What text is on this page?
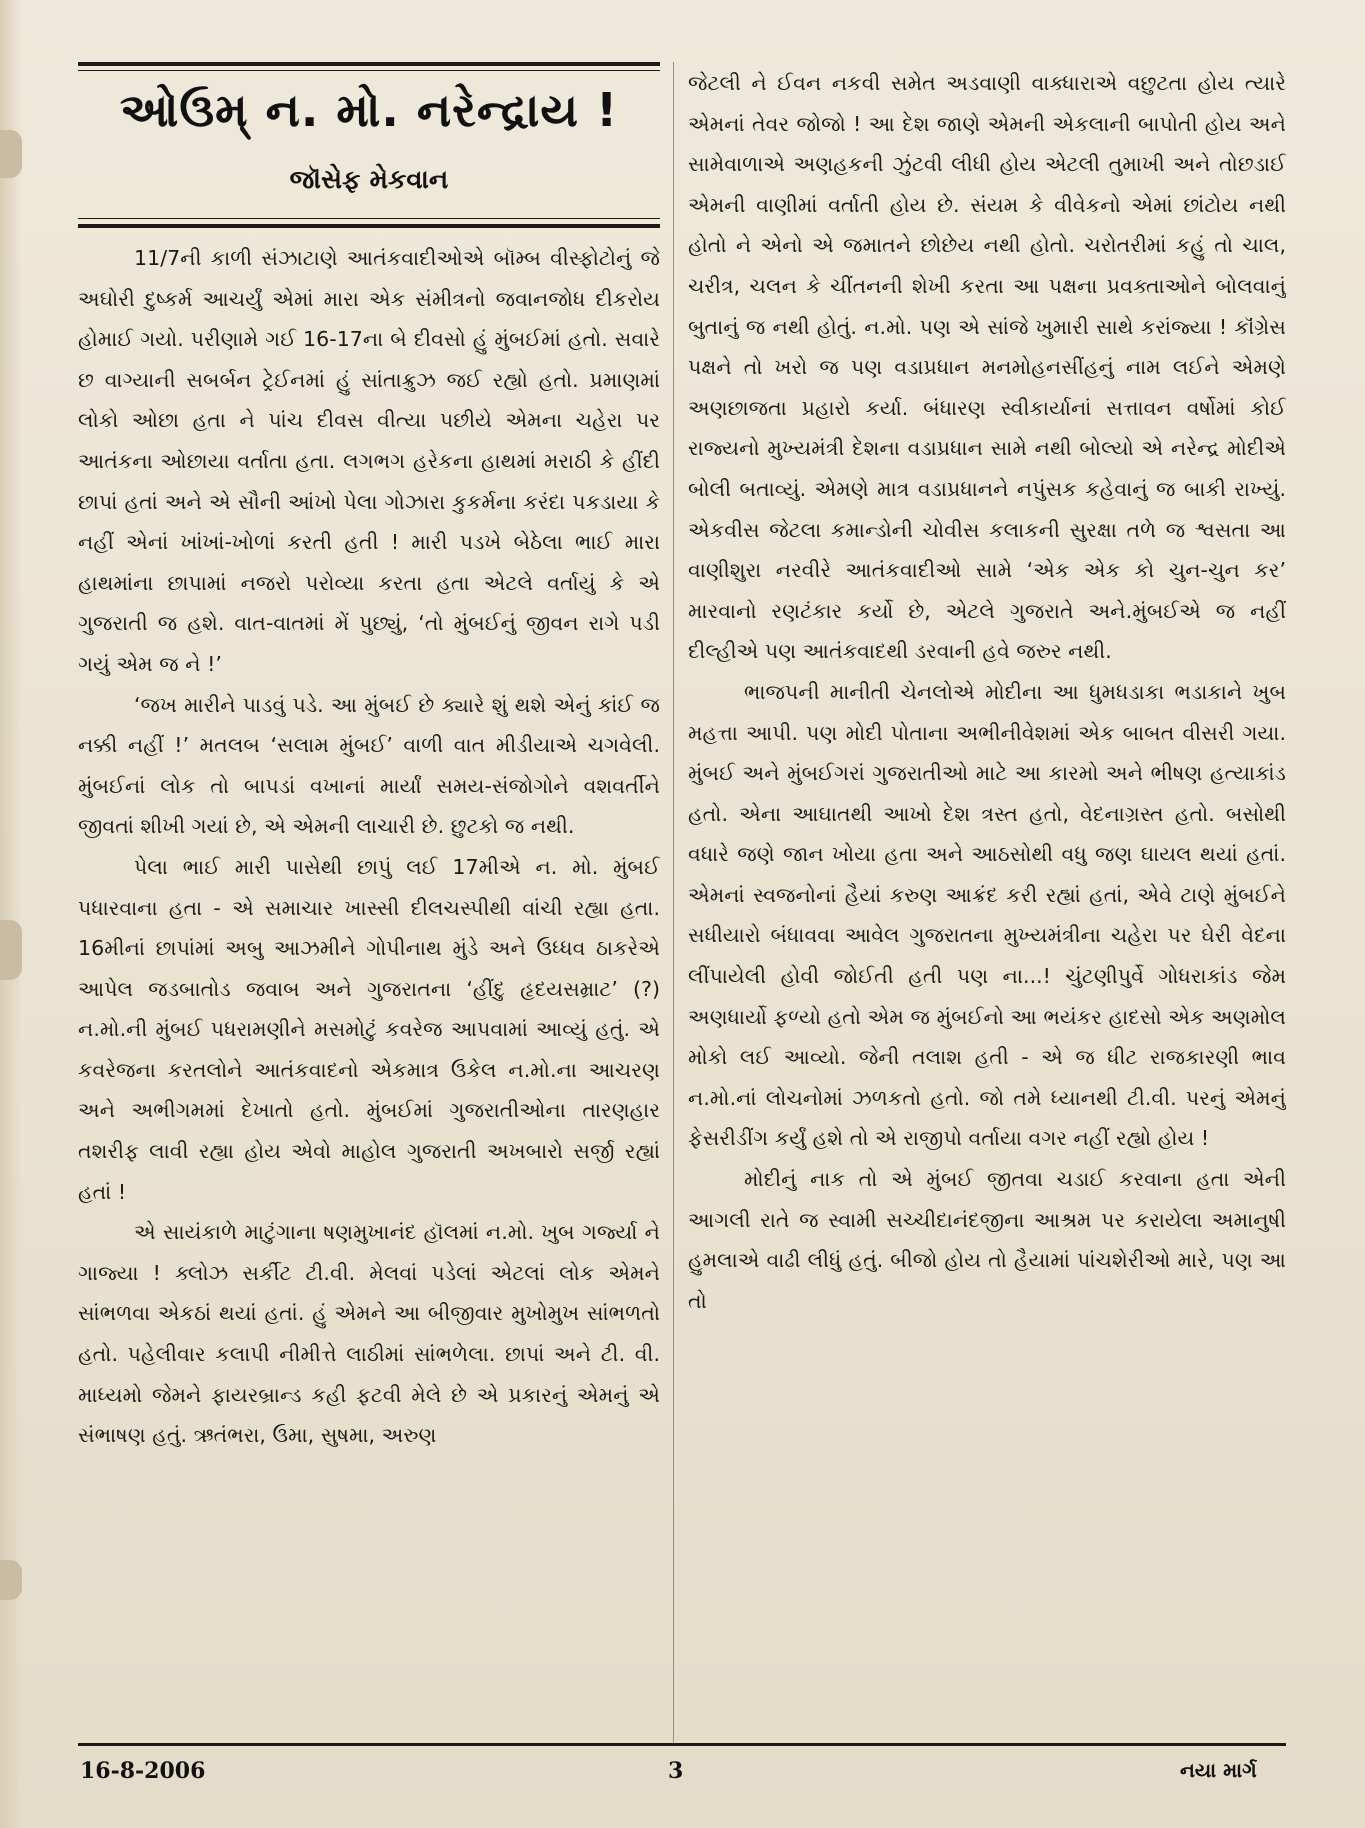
ઓઉમ્ ન. મો. નરેન્દ્રાય !
જૉસેફ મેકવાન

11/7ની કાળી સંઝાટાણે આતંકવાદીઓએ બૉમ્બ વીસ્ફોટોનું જે અઘોરી દુષ્કર્મ આચર્યું એમાં મારા એક સંમીત્રનો જવાનજોધ દીકરોય હોમાઈ ગયો. પરીણામે ગઈ 16-17ના બે દીવસો હું મુંબઈમાં હતો. સવારે છ વાગ્યાની સબર્બન ટ્રેઈનમાં હું સાંતાક્રુઝ જઈ રહ્યો હતો. પ્રમાણમાં લોકો ઓછા હતા ને પાંચ દીવસ વીત્યા પછીયે એમના ચહેરા પર આતંકના ઓછાયા વર્તાતા હતા. લગભગ હરેકના હાથમાં મરાઠી કે હીંદી છાપાં હતાં અને એ સૌની આંખો પેલા ગોઝારા કુકર્મના કરંદા પકડાયા કે નહીં એનાં ખાંખાં-ખોળાં કરતી હતી ! મારી પડખે બેઠેલા ભાઈ મારા હાથમાંના છાપામાં નજરો પરોવ્યા કરતા હતા એટલે વર્તાયું કે એ ગુજરાતી જ હશે. વાત-વાતમાં મેં પુછ્યું, ‘તો મુંબઈનું જીવન રાગે પડી ગયું એમ જ ને !’

‘જખ મારીને પાડવું પડે. આ મુંબઈ છે ક્યારે શું થશે એનું કાંઈ જ નક્કી નહીં !’ મતલબ ‘સલામ મુંબઈ’ વાળી વાત મીડીયાએ ચગવેલી. મુંબઈનાં લોક તો બાપડાં વખાનાં માર્યાં સમય-સંજોગોને વશવર્તીને જીવતાં શીખી ગયાં છે, એ એમની લાચારી છે. છુટકો જ નથી.

પેલા ભાઈ મારી પાસેથી છાપું લઈ 17મીએ ન. મો. મુંબઈ પધારવાના હતા - એ સમાચાર ખાસ્સી દીલચસ્પીથી વાંચી રહ્યા હતા. 16મીનાં છાપાંમાં અબુ આઝમીને ગોપીનાથ મુંડે અને ઉધ્ધવ ઠાકરેએ આપેલ જડબાતોડ જવાબ અને ગુજરાતના ‘હીંદુ હૃદયસમ્રાટ’ (?) ન.મો.ની મુંબઈ પધરામણીને મસમોટું કવરેજ આપવામાં આવ્યું હતું. એ કવરેજના કરતલોને આતંકવાદનો એકમાત્ર ઉકેલ ન.મો.ના આચરણ અને અભીગમમાં દેખાતો હતો. મુંબઈમાં ગુજરાતીઓના તારણહાર તશરીફ લાવી રહ્યા હોય એવો માહોલ ગુજરાતી અખબારો સર્જી રહ્યાં હતાં !

એ સાયંકાળે માટુંગાના ષણમુખાનંદ હૉલમાં ન.મો. ખુબ ગર્જ્યા ને ગાજ્યા ! ક્લોઝ સર્કીટ ટી.વી. મેલવાં પડેલાં એટલાં લોક એમને સાંભળવા એકઠાં થયાં હતાં. હું એમને આ બીજીવાર મુખોમુખ સાંભળતો હતો. પહેલીવાર કલાપી નીમીત્તે લાઠીમાં સાંભળેલા. છાપાં અને ટી. વી. માધ્યમો જેમને ફાયરબ્રાન્ડ કહી ફટવી મેલે છે એ પ્રકારનું એમનું એ સંભાષણ હતું. ઋતંભરા, ઉમા, સુષમા, અરુણ

જેટલી ને ઈવન નકવી સમેત અડવાણી વાક્ધારાએ વછુટતા હોય ત્યારે એમનાં તેવર જોજો ! આ દેશ જાણે એમની એકલાની બાપોતી હોય અને સામેવાળાએ અણહકની ઝુંટવી લીધી હોય એટલી તુમાખી અને તોછડાઈ એમની વાણીમાં વર્તાતી હોય છે. સંયમ કે વીવેકનો એમાં છાંટોય નથી હોતો ને એનો એ જમાતને છોછેય નથી હોતો. ચરોતરીમાં કહું તો ચાલ, ચરીત્ર, ચલન કે ચીંતનની શેખી કરતા આ પક્ષના પ્રવક્તાઓને બોલવાનું બુતાનું જ નથી હોતું. ન.મો. પણ એ સાંજે ખુમારી સાથે કરાંજ્યા ! કૉંગ્રેસ પક્ષને તો ખરો જ પણ વડાપ્રધાન મનમોહનસીંહનું નામ લઈને એમણે અણછાજતા પ્રહારો કર્યા. બંધારણ સ્વીકાર્યાનાં સત્તાવન વર્ષોમાં કોઈ રાજ્યનો મુખ્યમંત્રી દેશના વડાપ્રધાન સામે નથી બોલ્યો એ નરેન્દ્ર મોદીએ બોલી બતાવ્યું. એમણે માત્ર વડાપ્રધાનને નપુંસક કહેવાનું જ બાકી રાખ્યું. એકવીસ જેટલા કમાન્ડોની ચોવીસ કલાકની સુરક્ષા તળે જ શ્વસતા આ વાણીશુરા નરવીરે આતંકવાદીઓ સામે ‘એક એક કો ચુન-ચુન કર’ મારવાનો રણટંકાર કર્યો છે, એટલે ગુજરાતે અને.મુંબઈએ જ નહીં દીલ્હીએ પણ આતંકવાદથી ડરવાની હવે જરુર નથી.

ભાજપની માનીતી ચેનલોએ મોદીના આ ધુમધડાકા ભડાકાને ખુબ મહત્તા આપી. પણ મોદી પોતાના અભીનીવેશમાં એક બાબત વીસરી ગયા. મુંબઈ અને મુંબઈગરાં ગુજરાતીઓ માટે આ કારમો અને ભીષણ હત્યાકાંડ હતો. એના આઘાતથી આખો દેશ ત્રસ્ત હતો, વેદનાગ્રસ્ત હતો. બસોથી વધારે જણે જાન ખોયા હતા અને આઠસોથી વધુ જણ ઘાયલ થયાં હતાં. એમનાં સ્વજનોનાં હૈયાં કરુણ આક્રંદ કરી રહ્યાં હતાં, એવે ટાણે મુંબઈને સધીયારો બંધાવવા આવેલ ગુજરાતના મુખ્યમંત્રીના ચહેરા પર ઘેરી વેદના લીંપાયેલી હોવી જોઈતી હતી પણ ના...! ચુંટણીપુર્વે ગોધરાકાંડ જેમ અણધાર્યો ફળ્યો હતો એમ જ મુંબઈનો આ ભયંકર હાદસો એક અણમોલ મોકો લઈ આવ્યો. જેની તલાશ હતી - એ જ ધીટ રાજકારણી ભાવ ન.મો.નાં લોચનોમાં ઝળકતો હતો. જો તમે ધ્યાનથી ટી.વી. પરનું એમનું ફેસરીડીંગ કર્યું હશે તો એ રાજીપો વર્તાયા વગર નહીં રહ્યો હોય !

મોદીનું નાક તો એ મુંબઈ જીતવા ચડાઈ કરવાના હતા એની આગલી રાતે જ સ્વામી સચ્ચીદાનંદજીના આશ્રમ પર કરાયેલા અમાનુષી હુમલાએ વાઢી લીધું હતું. બીજો હોય તો હૈયામાં પાંચશેરીઓ મારે, પણ આ તો

16-8-2006	3	નયા માર્ગ
